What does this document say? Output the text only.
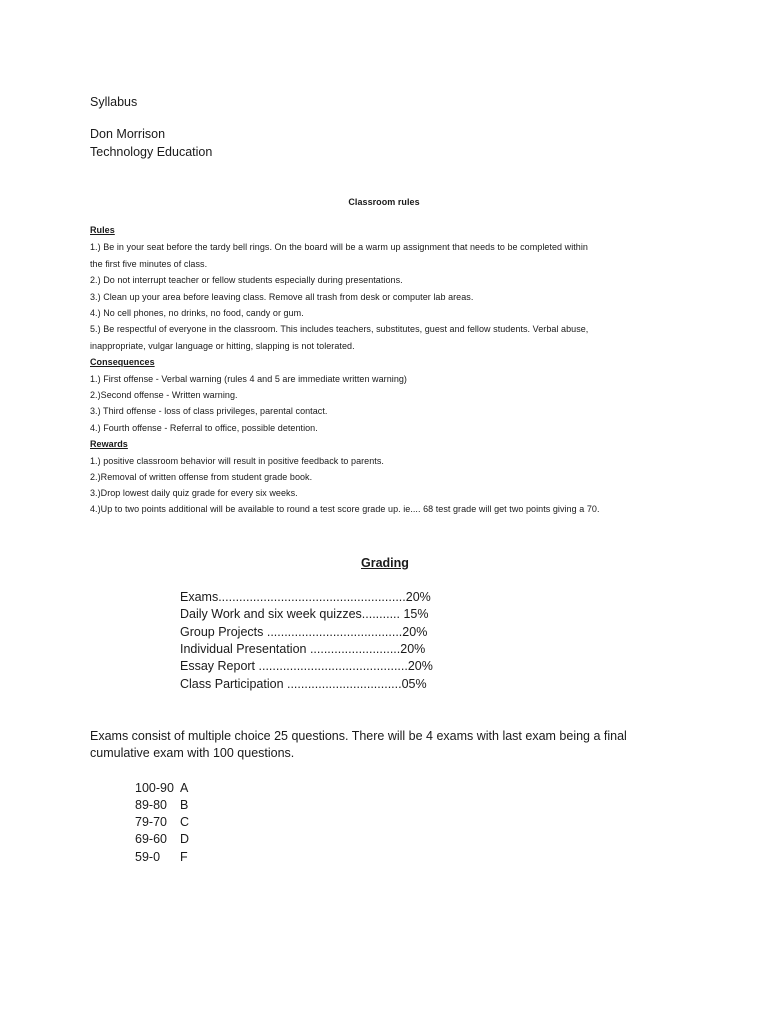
Syllabus
Don Morrison
Technology Education
Classroom rules
Rules
1.) Be in your seat before the tardy bell rings. On the board will be a warm up assignment that needs to be completed within
the first five minutes of class.
2.) Do not interrupt teacher or fellow students especially during presentations.
3.) Clean up your area before leaving class. Remove all trash from desk or computer lab areas.
4.) No cell phones, no drinks, no food, candy or gum.
5.) Be respectful of everyone in the classroom. This includes teachers, substitutes, guest and fellow students. Verbal abuse,
inappropriate, vulgar language or hitting, slapping is not tolerated.
Consequences
1.) First offense - Verbal warning (rules 4 and 5 are immediate written warning)
2.)Second offense - Written warning.
3.) Third offense - loss of class privileges, parental contact.
4.) Fourth offense - Referral to office, possible detention.
Rewards
1.) positive classroom behavior will result in positive feedback to parents.
2.)Removal of written offense from student grade book.
3.)Drop lowest daily quiz grade for every six weeks.
4.)Up to two points additional will be available to round a test score grade up. ie.... 68 test grade will get two points giving a 70.
Grading
Exams......................................................20%
Daily Work and six week quizzes........... 15%
Group Projects .......................................20%
Individual Presentation ..........................20%
Essay Report ...........................................20%
Class Participation .................................05%
Exams consist of multiple choice 25 questions. There will be 4 exams with last exam being a final
cumulative exam with 100 questions.
100-90 A
89-80 B
79-70 C
69-60 D
59-0 F
